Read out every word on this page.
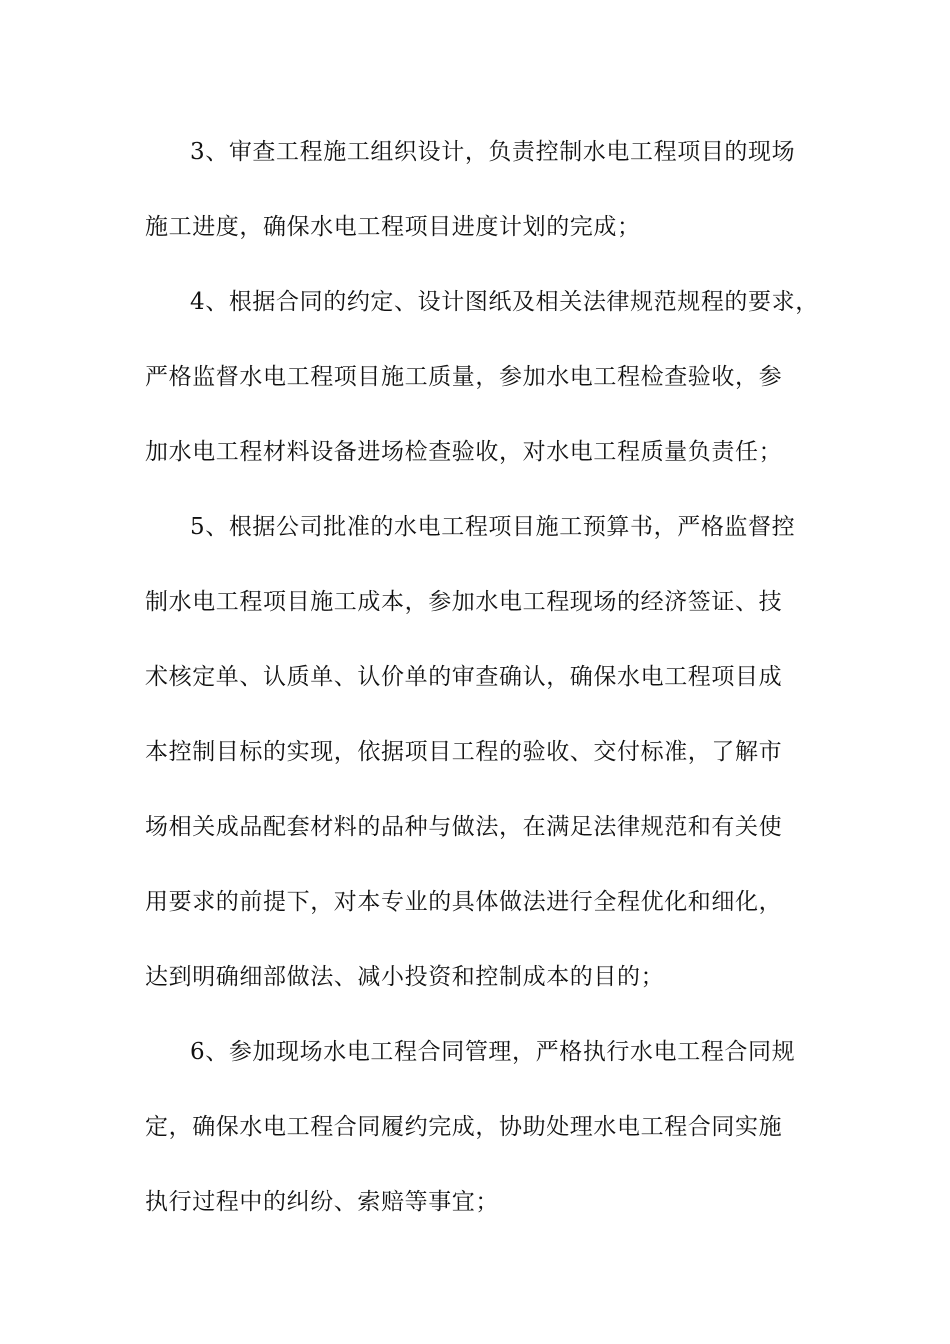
3、审查工程施工组织设计，负责控制水电工程项目的现场

施工进度，确保水电工程项目进度计划的完成；

4、根据合同的约定、设计图纸及相关法律规范规程的要求，

严格监督水电工程项目施工质量，参加水电工程检查验收，参

加水电工程材料设备进场检查验收，对水电工程质量负责任；

5、根据公司批准的水电工程项目施工预算书，严格监督控

制水电工程项目施工成本，参加水电工程现场的经济签证、技

术核定单、认质单、认价单的审查确认，确保水电工程项目成

本控制目标的实现，依据项目工程的验收、交付标准，了解市

场相关成品配套材料的品种与做法，在满足法律规范和有关使

用要求的前提下，对本专业的具体做法进行全程优化和细化，

达到明确细部做法、减小投资和控制成本的目的；

6、参加现场水电工程合同管理，严格执行水电工程合同规

定，确保水电工程合同履约完成，协助处理水电工程合同实施

执行过程中的纠纷、索赔等事宜；
